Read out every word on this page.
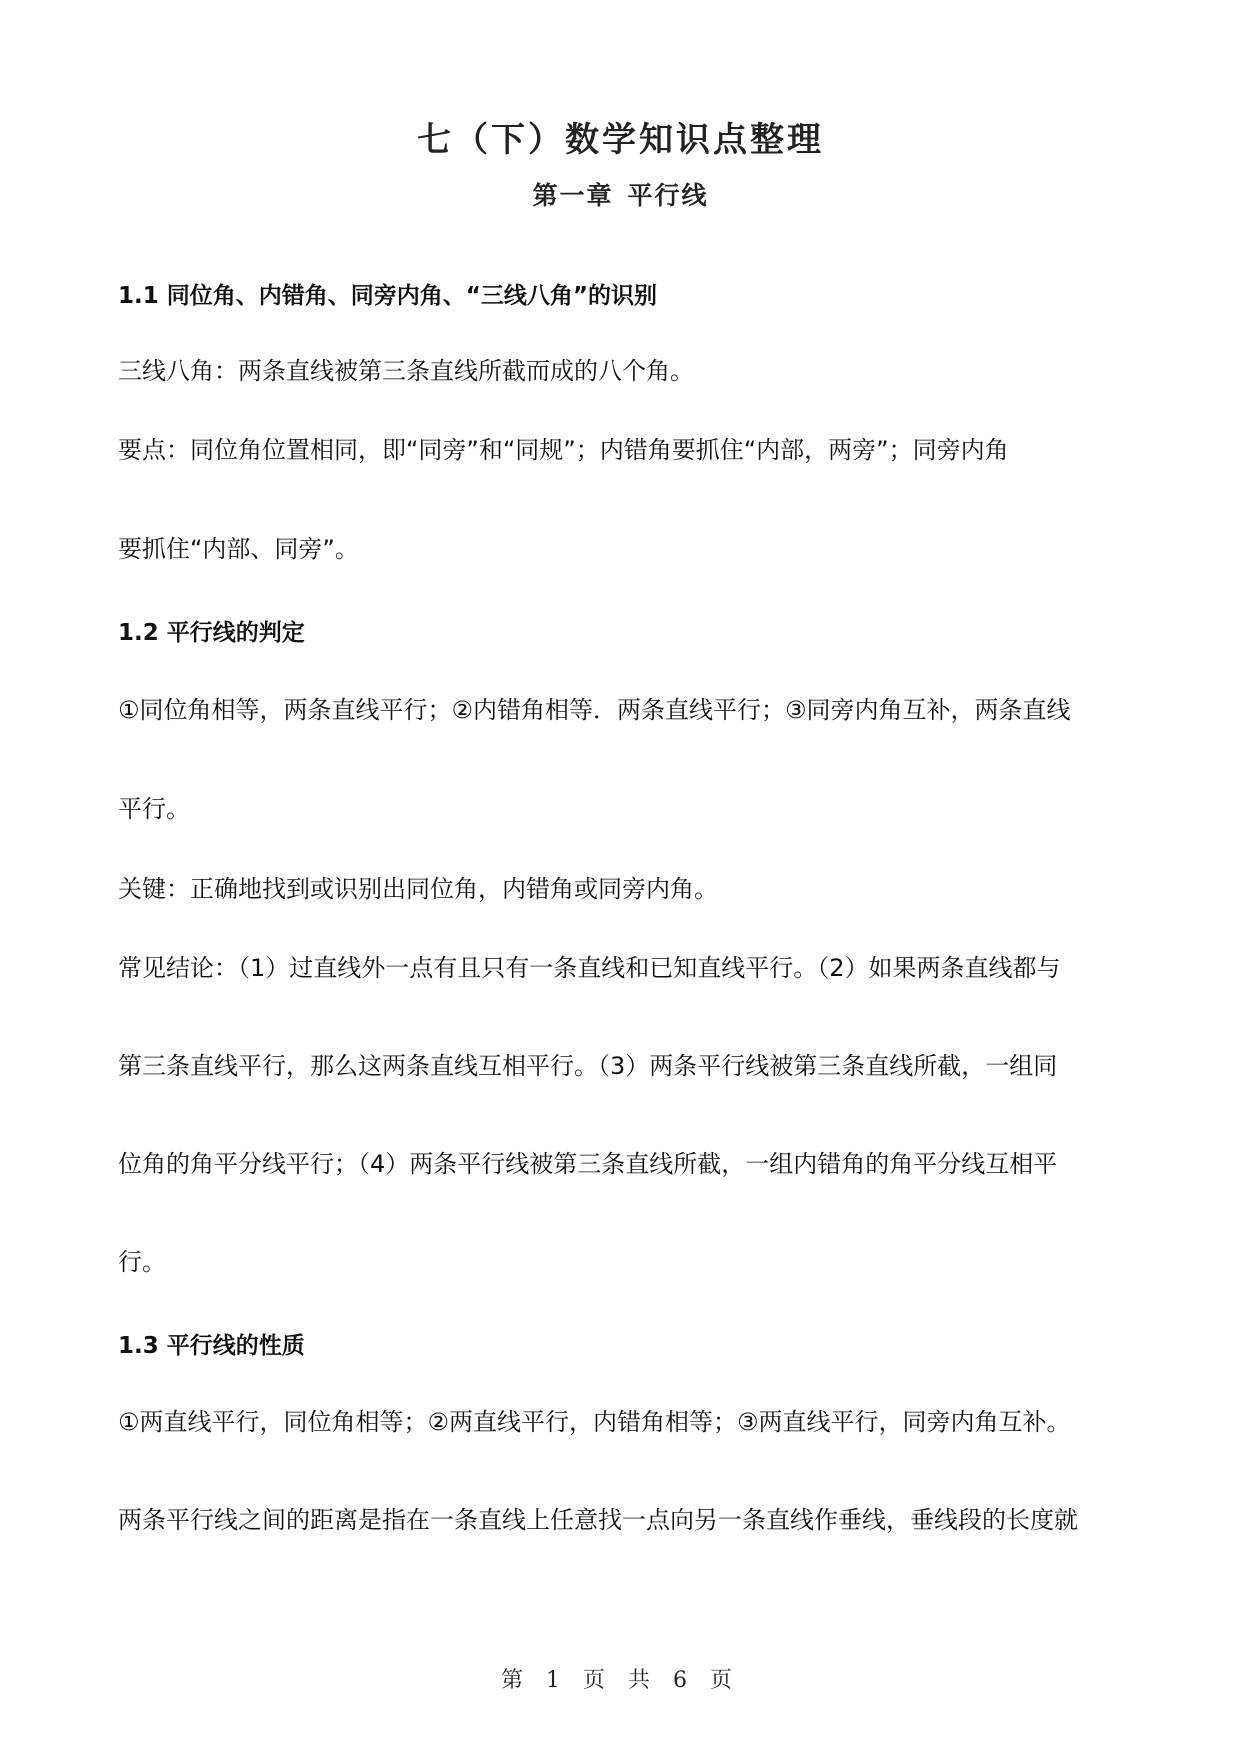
七（下）数学知识点整理
第一章 平行线
1.1 同位角、内错角、同旁内角、“三线八角”的识别
三线八角：两条直线被第三条直线所截而成的八个角。
要点：同位角位置相同，即“同旁”和“同规”；内错角要抓住“内部，两旁”；同旁内角
要抓住“内部、同旁”。
1.2 平行线的判定
①同位角相等，两条直线平行；②内错角相等．两条直线平行；③同旁内角互补，两条直线
平行。
关键：正确地找到或识别出同位角，内错角或同旁内角。
常见结论：（1）过直线外一点有且只有一条直线和已知直线平行。（2）如果两条直线都与
第三条直线平行，那么这两条直线互相平行。（3）两条平行线被第三条直线所截，一组同
位角的角平分线平行；（4）两条平行线被第三条直线所截，一组内错角的角平分线互相平
行。
1.3 平行线的性质
①两直线平行，同位角相等；②两直线平行，内错角相等；③两直线平行，同旁内角互补。
两条平行线之间的距离是指在一条直线上任意找一点向另一条直线作垂线，垂线段的长度就
第 1 页 共 6 页
